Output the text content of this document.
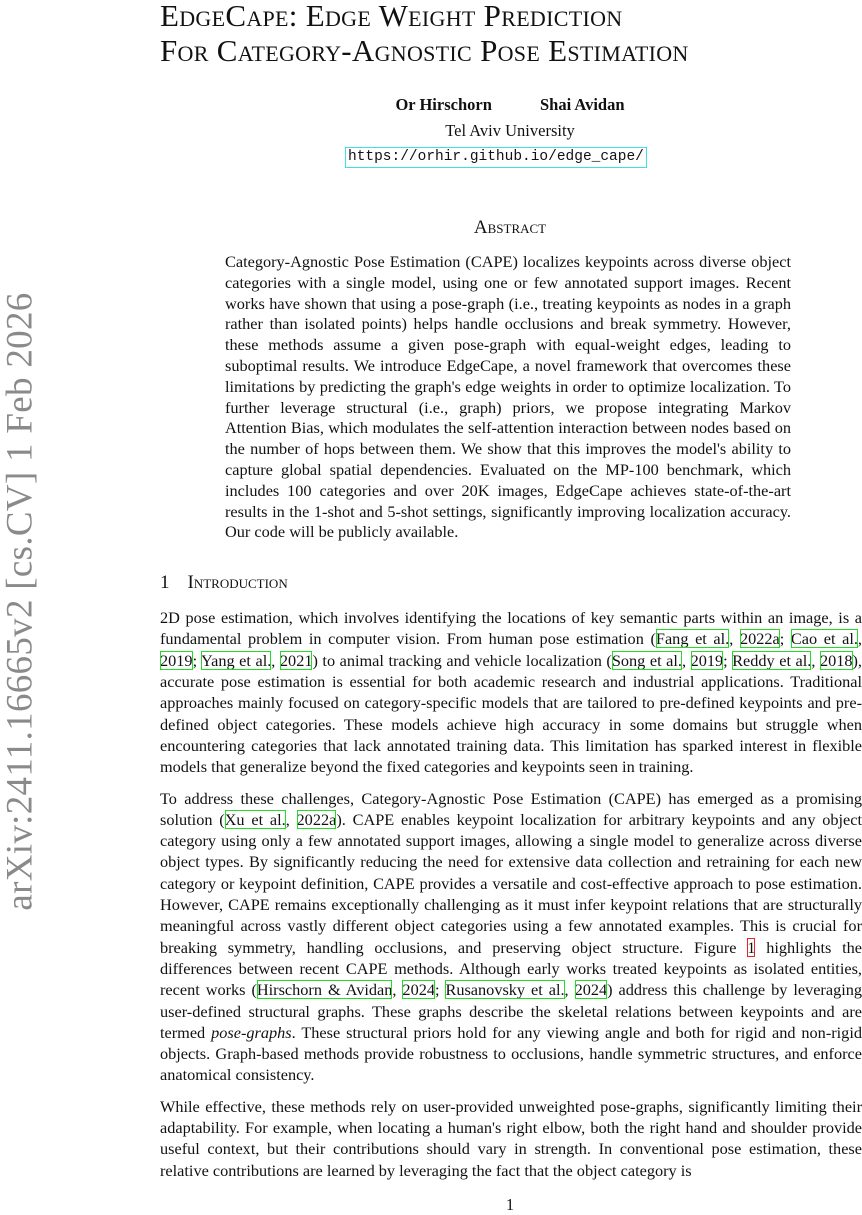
arXiv:2411.16665v2 [cs.CV] 1 Feb 2026
EdgeCape: Edge Weight Prediction
For Category-Agnostic Pose Estimation
Or Hirschorn	Shai Avidan
Tel Aviv University
https://orhir.github.io/edge_cape/
Abstract
Category-Agnostic Pose Estimation (CAPE) localizes keypoints across diverse object categories with a single model, using one or few annotated support images. Recent works have shown that using a pose-graph (i.e., treating keypoints as nodes in a graph rather than isolated points) helps handle occlusions and break symmetry. However, these methods assume a given pose-graph with equal-weight edges, leading to suboptimal results. We introduce EdgeCape, a novel framework that overcomes these limitations by predicting the graph's edge weights in order to optimize localization. To further leverage structural (i.e., graph) priors, we propose integrating Markov Attention Bias, which modulates the self-attention interaction between nodes based on the number of hops between them. We show that this improves the model's ability to capture global spatial dependencies. Evaluated on the MP-100 benchmark, which includes 100 categories and over 20K images, EdgeCape achieves state-of-the-art results in the 1-shot and 5-shot settings, significantly improving localization accuracy. Our code will be publicly available.
1 Introduction

2D pose estimation, which involves identifying the locations of key semantic parts within an image, is a fundamental problem in computer vision. From human pose estimation (Fang et al., 2022a; Cao et al., 2019; Yang et al., 2021) to animal tracking and vehicle localization (Song et al., 2019; Reddy et al., 2018), accurate pose estimation is essential for both academic research and industrial applications. Traditional approaches mainly focused on category-specific models that are tailored to pre-defined keypoints and pre-defined object categories. These models achieve high accuracy in some domains but struggle when encountering categories that lack annotated training data. This limitation has sparked interest in flexible models that generalize beyond the fixed categories and keypoints seen in training.

To address these challenges, Category-Agnostic Pose Estimation (CAPE) has emerged as a promising solution (Xu et al., 2022a). CAPE enables keypoint localization for arbitrary keypoints and any object category using only a few annotated support images, allowing a single model to generalize across diverse object types. By significantly reducing the need for extensive data collection and retraining for each new category or keypoint definition, CAPE provides a versatile and cost-effective approach to pose estimation. However, CAPE remains exceptionally challenging as it must infer keypoint relations that are structurally meaningful across vastly different object categories using a few annotated examples. This is crucial for breaking symmetry, handling occlusions, and preserving object structure. Figure 1 highlights the differences between recent CAPE methods. Although early works treated keypoints as isolated entities, recent works (Hirschorn & Avidan, 2024; Rusanovsky et al., 2024) address this challenge by leveraging user-defined structural graphs. These graphs describe the skeletal relations between keypoints and are termed pose-graphs. These structural priors hold for any viewing angle and both for rigid and non-rigid objects. Graph-based methods provide robustness to occlusions, handle symmetric structures, and enforce anatomical consistency.

While effective, these methods rely on user-provided unweighted pose-graphs, significantly limiting their adaptability. For example, when locating a human's right elbow, both the right hand and shoulder provide useful context, but their contributions should vary in strength. In conventional pose estimation, these relative contributions are learned by leveraging the fact that the object category is

1
